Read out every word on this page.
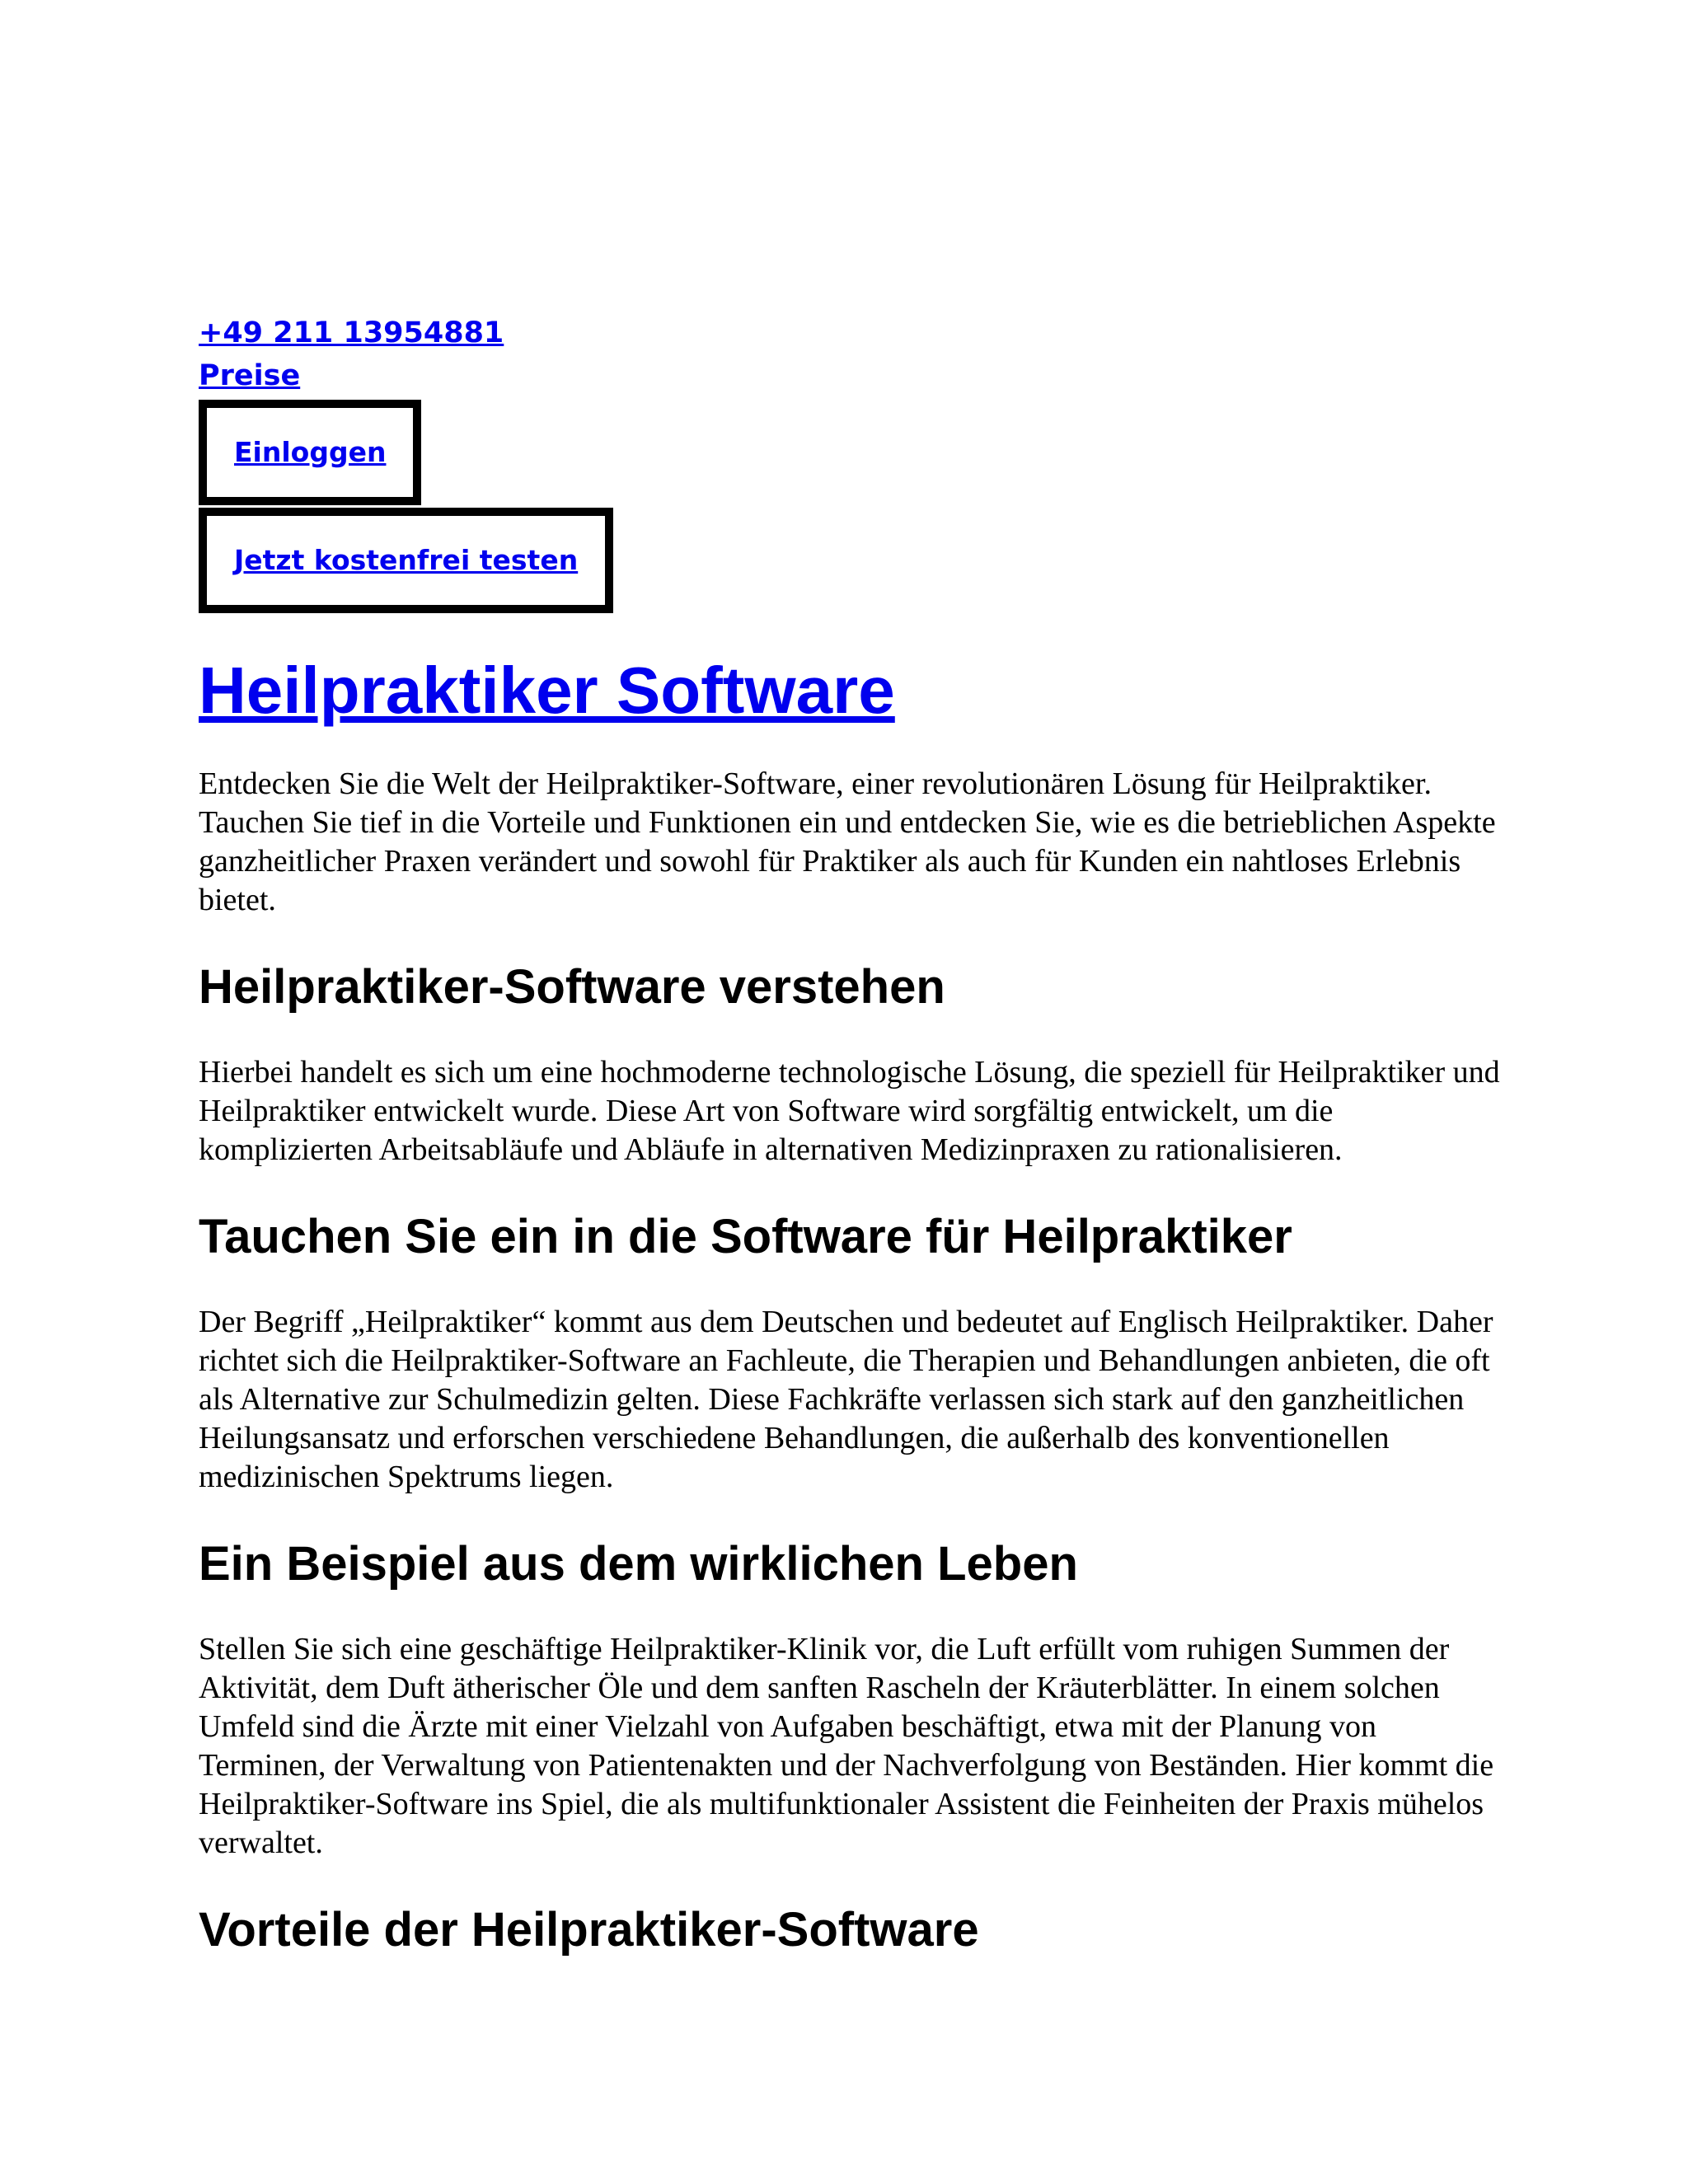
+49 211 13954881
Preise
Einloggen
Jetzt kostenfrei testen
Heilpraktiker Software

Entdecken Sie die Welt der Heilpraktiker-Software, einer revolutionären Lösung für Heilpraktiker. Tauchen Sie tief in die Vorteile und Funktionen ein und entdecken Sie, wie es die betrieblichen Aspekte ganzheitlicher Praxen verändert und sowohl für Praktiker als auch für Kunden ein nahtloses Erlebnis bietet.

Heilpraktiker-Software verstehen

Hierbei handelt es sich um eine hochmoderne technologische Lösung, die speziell für Heilpraktiker und Heilpraktiker entwickelt wurde. Diese Art von Software wird sorgfältig entwickelt, um die komplizierten Arbeitsabläufe und Abläufe in alternativen Medizinpraxen zu rationalisieren.

Tauchen Sie ein in die Software für Heilpraktiker

Der Begriff „Heilpraktiker“ kommt aus dem Deutschen und bedeutet auf Englisch Heilpraktiker. Daher richtet sich die Heilpraktiker-Software an Fachleute, die Therapien und Behandlungen anbieten, die oft als Alternative zur Schulmedizin gelten. Diese Fachkräfte verlassen sich stark auf den ganzheitlichen Heilungsansatz und erforschen verschiedene Behandlungen, die außerhalb des konventionellen medizinischen Spektrums liegen.

Ein Beispiel aus dem wirklichen Leben

Stellen Sie sich eine geschäftige Heilpraktiker-Klinik vor, die Luft erfüllt vom ruhigen Summen der Aktivität, dem Duft ätherischer Öle und dem sanften Rascheln der Kräuterblätter. In einem solchen Umfeld sind die Ärzte mit einer Vielzahl von Aufgaben beschäftigt, etwa mit der Planung von Terminen, der Verwaltung von Patientenakten und der Nachverfolgung von Beständen. Hier kommt die Heilpraktiker-Software ins Spiel, die als multifunktionaler Assistent die Feinheiten der Praxis mühelos verwaltet.

Vorteile der Heilpraktiker-Software
